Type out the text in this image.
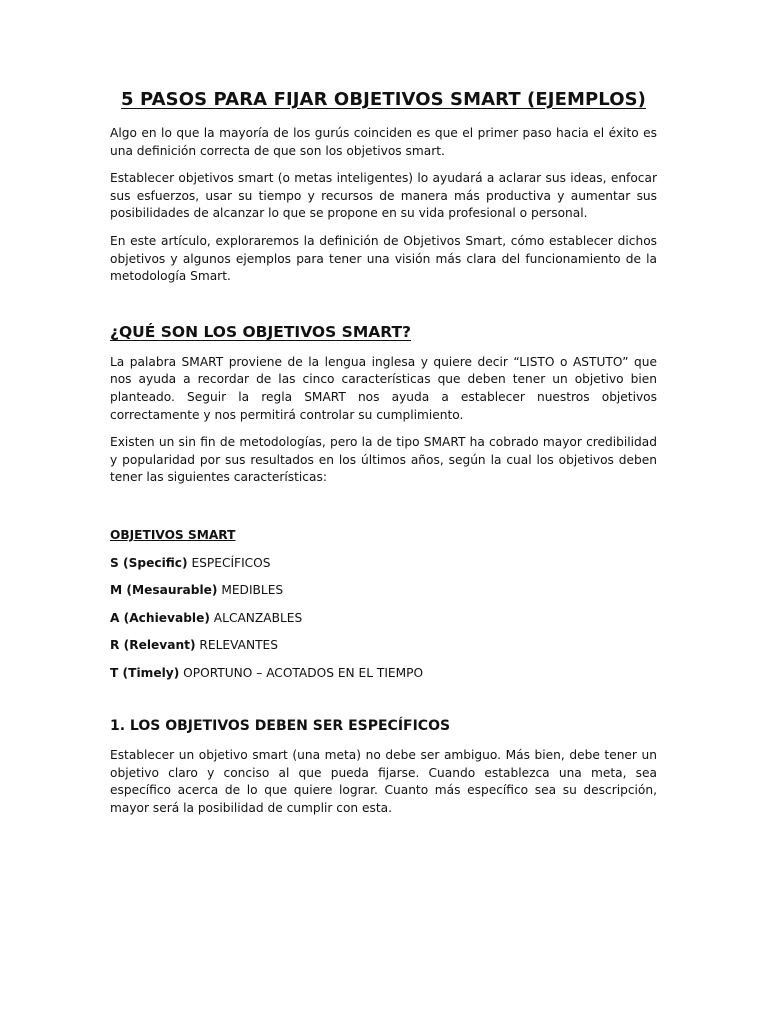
5 PASOS PARA FIJAR OBJETIVOS SMART (EJEMPLOS)

Algo en lo que la mayoría de los gurús coinciden es que el primer paso hacia el éxito es una definición correcta de que son los objetivos smart.

Establecer objetivos smart (o metas inteligentes) lo ayudará a aclarar sus ideas, enfocar sus esfuerzos, usar su tiempo y recursos de manera más productiva y aumentar sus posibilidades de alcanzar lo que se propone en su vida profesional o personal.

En este artículo, exploraremos la definición de Objetivos Smart, cómo establecer dichos objetivos y algunos ejemplos para tener una visión más clara del funcionamiento de la metodología Smart.

¿QUÉ SON LOS OBJETIVOS SMART?

La palabra SMART proviene de la lengua inglesa y quiere decir “LISTO o ASTUTO” que nos ayuda a recordar de las cinco características que deben tener un objetivo bien planteado. Seguir la regla SMART nos ayuda a establecer nuestros objetivos correctamente y nos permitirá controlar su cumplimiento.

Existen un sin fin de metodologías, pero la de tipo SMART ha cobrado mayor credibilidad y popularidad por sus resultados en los últimos años, según la cual los objetivos deben tener las siguientes características:

OBJETIVOS SMART
S (Specific) ESPECÍFICOS
M (Mesaurable) MEDIBLES
A (Achievable) ALCANZABLES
R (Relevant) RELEVANTES
T (Timely) OPORTUNO – ACOTADOS EN EL TIEMPO
1. LOS OBJETIVOS DEBEN SER ESPECÍFICOS

Establecer un objetivo smart (una meta) no debe ser ambiguo. Más bien, debe tener un objetivo claro y conciso al que pueda fijarse. Cuando establezca una meta, sea específico acerca de lo que quiere lograr. Cuanto más específico sea su descripción, mayor será la posibilidad de cumplir con esta.
